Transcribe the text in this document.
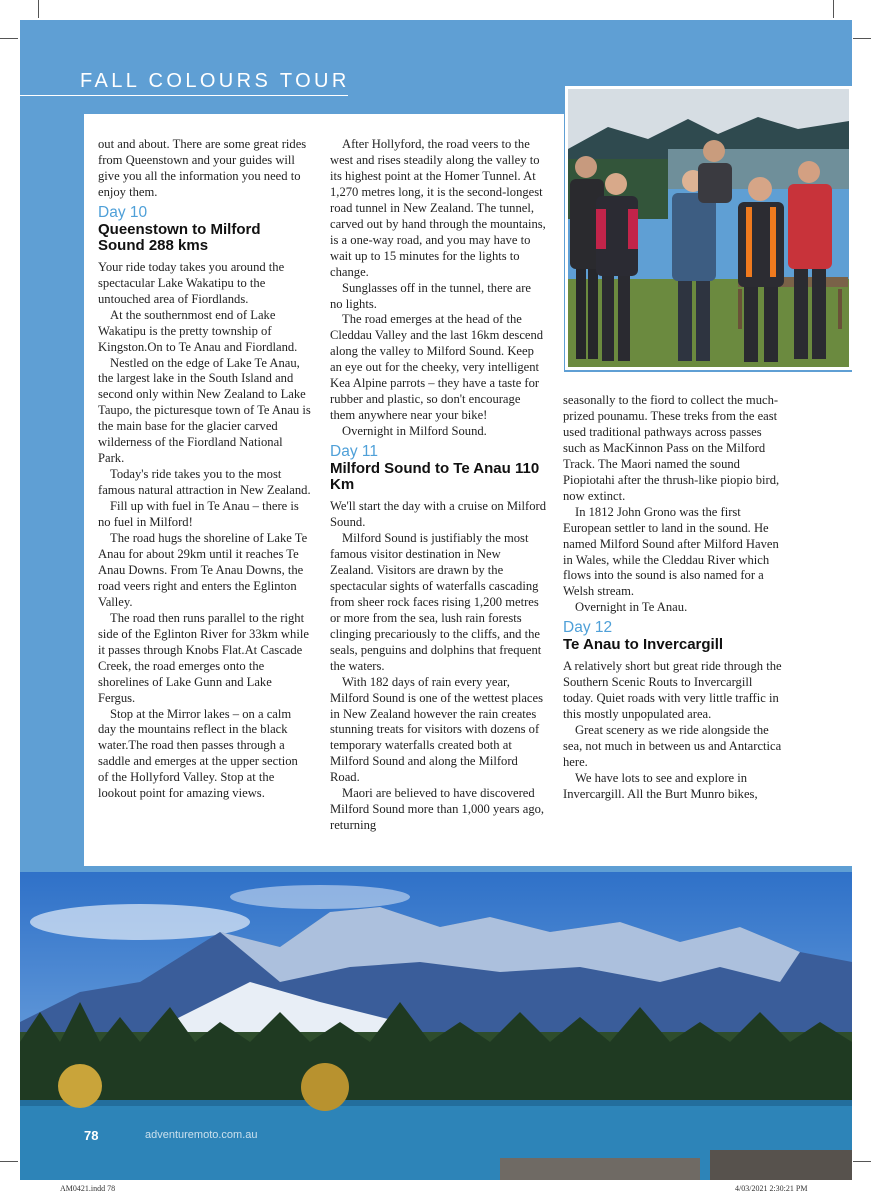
FALL COLOURS TOUR

out and about. There are some great rides from Queenstown and your guides will give you all the information you need to enjoy them.

Day 10
Queenstown to Milford Sound 288 kms

Your ride today takes you around the spectacular Lake Wakatipu to the untouched area of Fiordlands.

At the southernmost end of Lake Wakatipu is the pretty township of Kingston.On to Te Anau and Fiordland.

Nestled on the edge of Lake Te Anau, the largest lake in the South Island and second only within New Zealand to Lake Taupo, the picturesque town of Te Anau is the main base for the glacier carved wilderness of the Fiordland National Park.

Today's ride takes you to the most famous natural attraction in New Zealand.

Fill up with fuel in Te Anau – there is no fuel in Milford!

The road hugs the shoreline of Lake Te Anau for about 29km until it reaches Te Anau Downs. From Te Anau Downs, the road veers right and enters the Eglinton Valley.

The road then runs parallel to the right side of the Eglinton River for 33km while it passes through Knobs Flat.At Cascade Creek, the road emerges onto the shorelines of Lake Gunn and Lake Fergus.

Stop at the Mirror lakes – on a calm day the mountains reflect in the black water.The road then passes through a saddle and emerges at the upper section of the Hollyford Valley. Stop at the lookout point for amazing views.

After Hollyford, the road veers to the west and rises steadily along the valley to its highest point at the Homer Tunnel. At 1,270 metres long, it is the second-longest road tunnel in New Zealand. The tunnel, carved out by hand through the mountains, is a one-way road, and you may have to wait up to 15 minutes for the lights to change.

Sunglasses off in the tunnel, there are no lights.

The road emerges at the head of the Cleddau Valley and the last 16km descend along the valley to Milford Sound. Keep an eye out for the cheeky, very intelligent Kea Alpine parrots – they have a taste for rubber and plastic, so don't encourage them anywhere near your bike!

Overnight in Milford Sound.

Day 11
Milford Sound to Te Anau 110 Km

We'll start the day with a cruise on Milford Sound.

Milford Sound is justifiably the most famous visitor destination in New Zealand. Visitors are drawn by the spectacular sights of waterfalls cascading from sheer rock faces rising 1,200 metres or more from the sea, lush rain forests clinging precariously to the cliffs, and the seals, penguins and dolphins that frequent the waters.

With 182 days of rain every year, Milford Sound is one of the wettest places in New Zealand however the rain creates stunning treats for visitors with dozens of temporary waterfalls created both at Milford Sound and along the Milford Road.

Maori are believed to have discovered Milford Sound more than 1,000 years ago, returning

seasonally to the fiord to collect the much-prized pounamu. These treks from the east used traditional pathways across passes such as MacKinnon Pass on the Milford Track. The Maori named the sound Piopiotahi after the thrush-like piopio bird, now extinct.

In 1812 John Grono was the first European settler to land in the sound. He named Milford Sound after Milford Haven in Wales, while the Cleddau River which flows into the sound is also named for a Welsh stream.

Overnight in Te Anau.

Day 12
Te Anau to Invercargill

A relatively short but great ride through the Southern Scenic Routs to Invercargill today. Quiet roads with very little traffic in this mostly unpopulated area.

Great scenery as we ride alongside the sea, not much in between us and Antarctica here.

We have lots to see and explore in Invercargill. All the Burt Munro bikes,

78	adventuremoto.com.au
AM0421.indd 78	4/03/2021 2:30:21 PM
